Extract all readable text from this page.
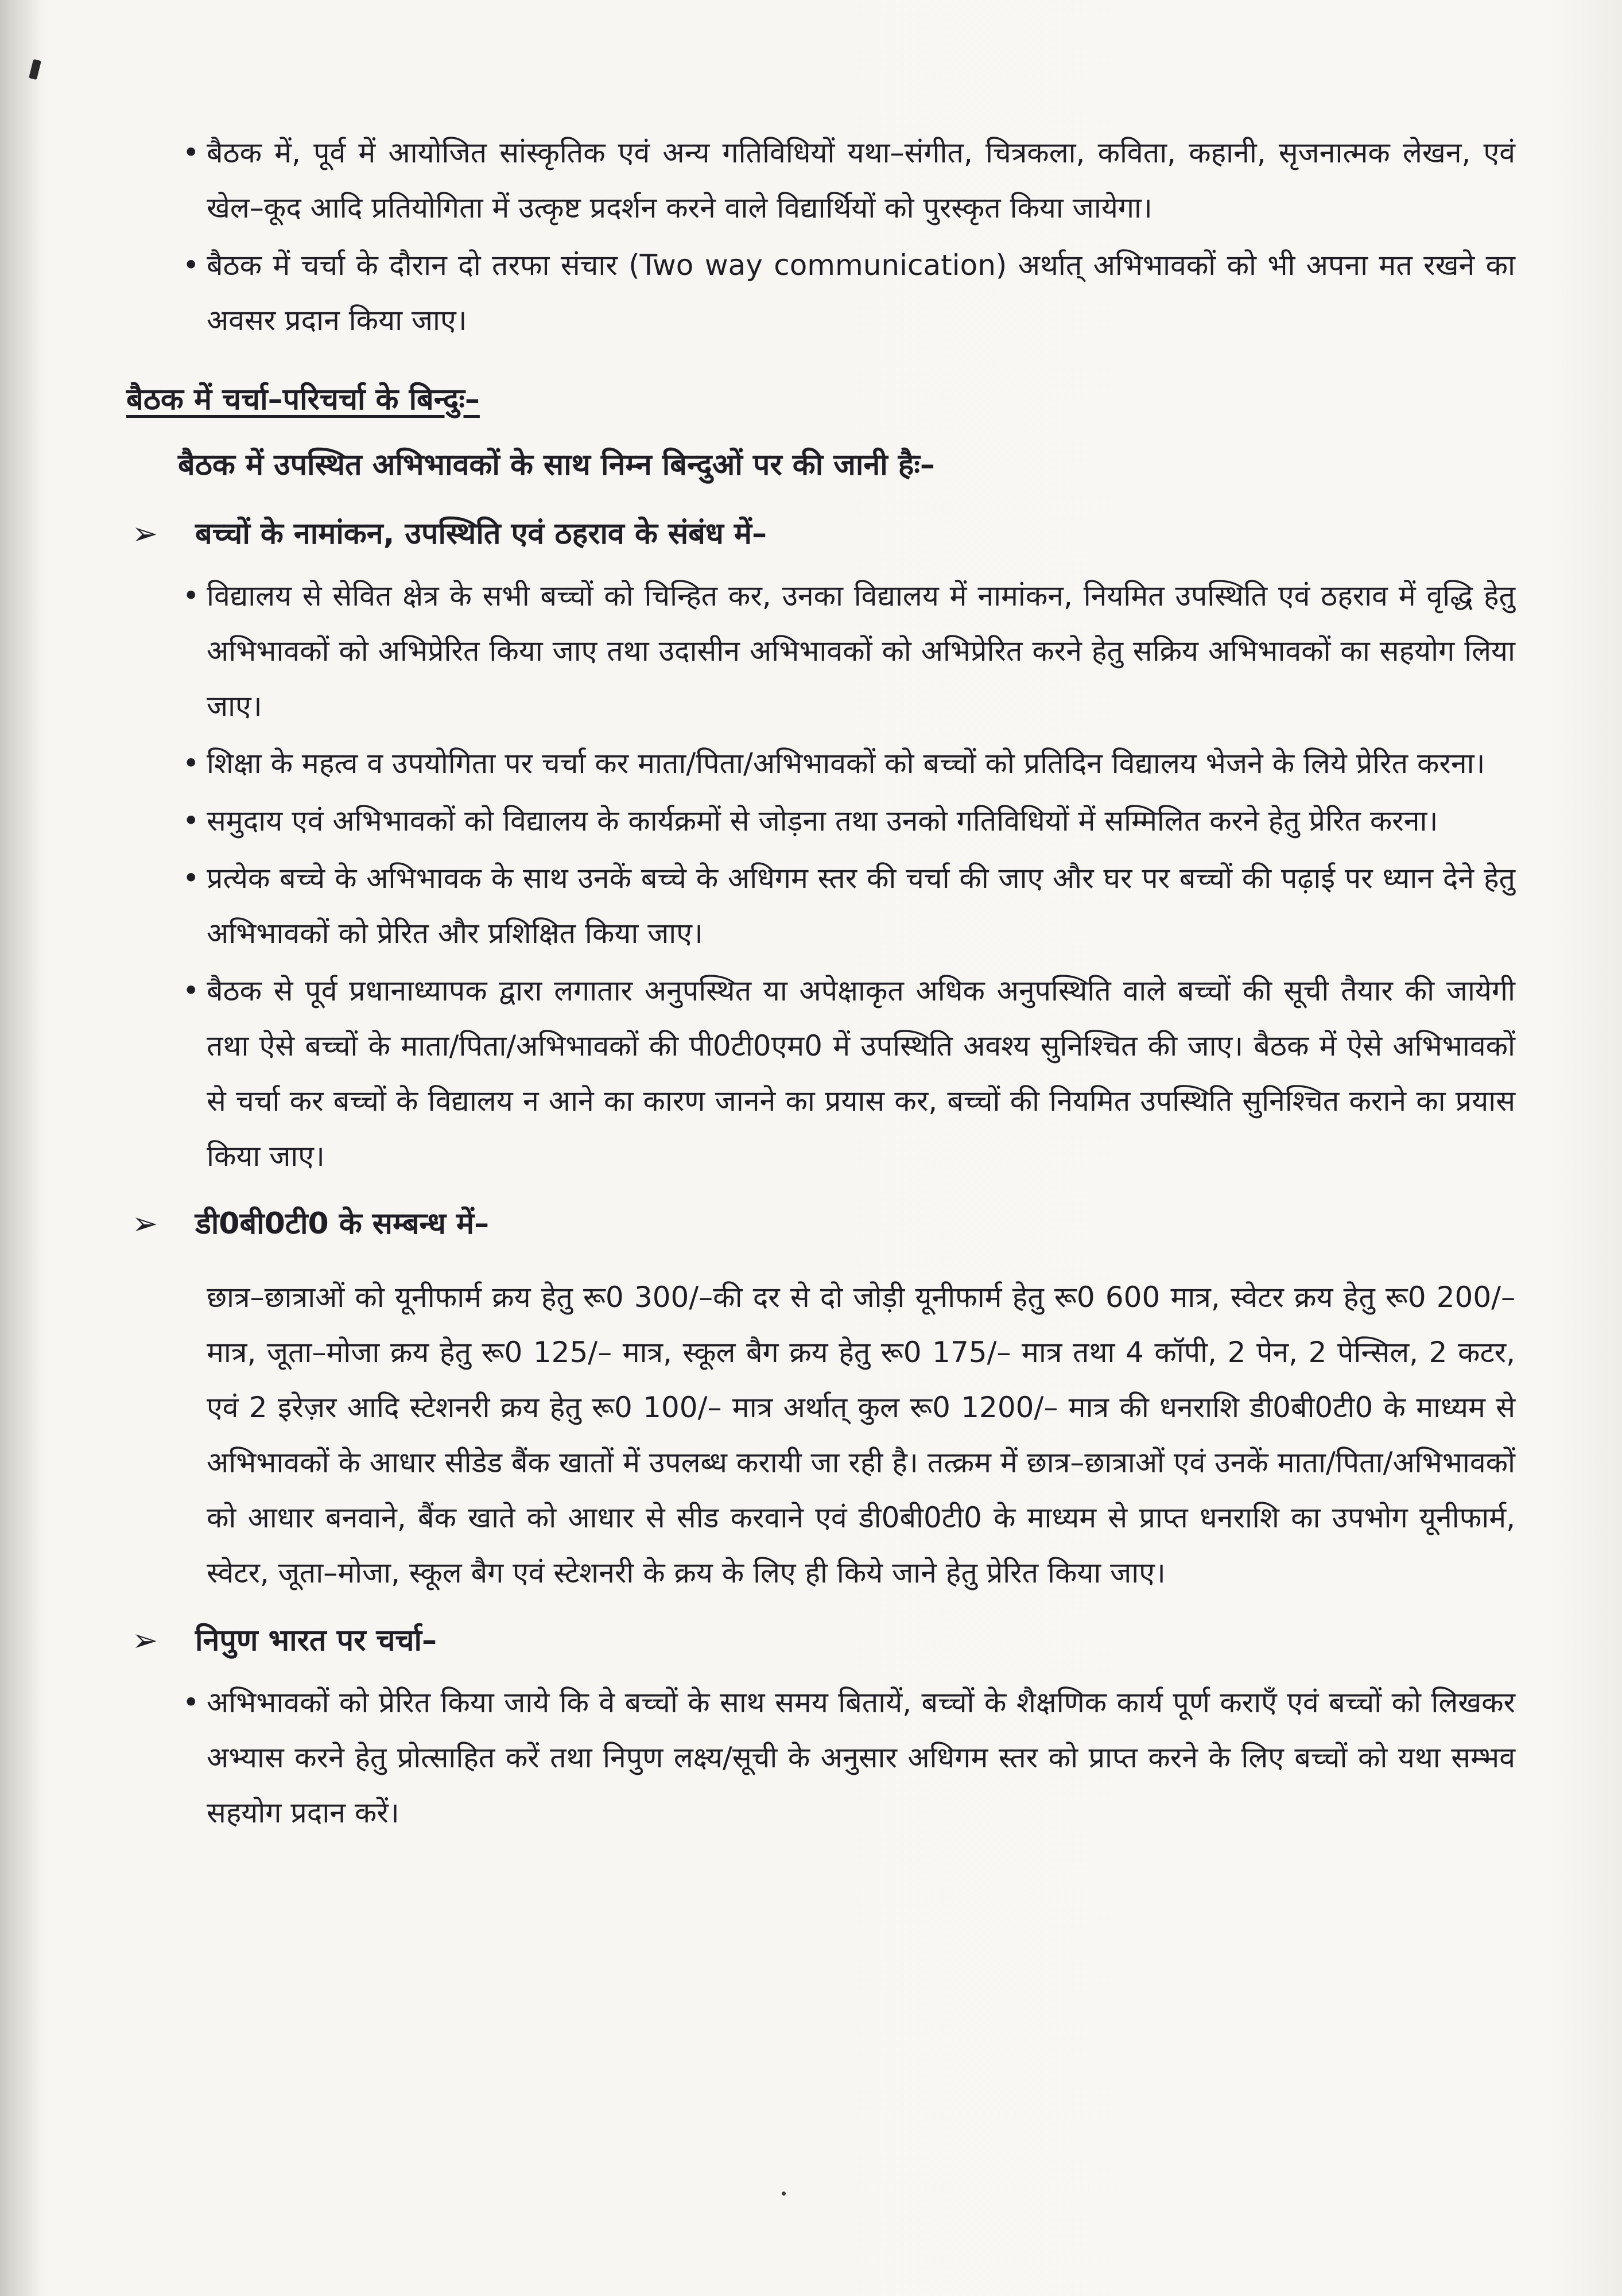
• बैठक में, पूर्व में आयोजित सांस्कृतिक एवं अन्य गतिविधियों यथा–संगीत, चित्रकला, कविता, कहानी, सृजनात्मक लेखन, एवं खेल–कूद आदि प्रतियोगिता में उत्कृष्ट प्रदर्शन करने वाले विद्यार्थियों को पुरस्कृत किया जायेगा।
• बैठक में चर्चा के दौरान दो तरफा संचार (Two way communication) अर्थात् अभिभावकों को भी अपना मत रखने का अवसर प्रदान किया जाए।
बैठक में चर्चा–परिचर्चा के बिन्दुः–
बैठक में उपस्थित अभिभावकों के साथ निम्न बिन्दुओं पर की जानी हैः–
➢ बच्चों के नामांकन, उपस्थिति एवं ठहराव के संबंध में–
• विद्यालय से सेवित क्षेत्र के सभी बच्चों को चिन्हित कर, उनका विद्यालय में नामांकन, नियमित उपस्थिति एवं ठहराव में वृद्धि हेतु अभिभावकों को अभिप्रेरित किया जाए तथा उदासीन अभिभावकों को अभिप्रेरित करने हेतु सक्रिय अभिभावकों का सहयोग लिया जाए।
• शिक्षा के महत्व व उपयोगिता पर चर्चा कर माता/पिता/अभिभावकों को बच्चों को प्रतिदिन विद्यालय भेजने के लिये प्रेरित करना।
• समुदाय एवं अभिभावकों को विद्यालय के कार्यक्रमों से जोड़ना तथा उनको गतिविधियों में सम्मिलित करने हेतु प्रेरित करना।
• प्रत्येक बच्चे के अभिभावक के साथ उनकें बच्चे के अधिगम स्तर की चर्चा की जाए और घर पर बच्चों की पढ़ाई पर ध्यान देने हेतु अभिभावकों को प्रेरित और प्रशिक्षित किया जाए।
• बैठक से पूर्व प्रधानाध्यापक द्वारा लगातार अनुपस्थित या अपेक्षाकृत अधिक अनुपस्थिति वाले बच्चों की सूची तैयार की जायेगी तथा ऐसे बच्चों के माता/पिता/अभिभावकों की पी0टी0एम0 में उपस्थिति अवश्य सुनिश्चित की जाए। बैठक में ऐसे अभिभावकों से चर्चा कर बच्चों के विद्यालय न आने का कारण जानने का प्रयास कर, बच्चों की नियमित उपस्थिति सुनिश्चित कराने का प्रयास किया जाए।
➢ डी0बी0टी0 के सम्बन्ध में–

छात्र–छात्राओं को यूनीफार्म क्रय हेतु रू0 300/–की दर से दो जोड़ी यूनीफार्म हेतु रू0 600 मात्र, स्वेटर क्रय हेतु रू0 200/–मात्र, जूता–मोजा क्रय हेतु रू0 125/– मात्र, स्कूल बैग क्रय हेतु रू0 175/– मात्र तथा 4 कॉपी, 2 पेन, 2 पेन्सिल, 2 कटर, एवं 2 इरेज़र आदि स्टेशनरी क्रय हेतु रू0 100/– मात्र अर्थात् कुल रू0 1200/– मात्र की धनराशि डी0बी0टी0 के माध्यम से अभिभावकों के आधार सीडेड बैंक खातों में उपलब्ध करायी जा रही है। तत्क्रम में छात्र–छात्राओं एवं उनकें माता/पिता/अभिभावकों को आधार बनवाने, बैंक खाते को आधार से सीड करवाने एवं डी0बी0टी0 के माध्यम से प्राप्त धनराशि का उपभोग यूनीफार्म, स्वेटर, जूता–मोजा, स्कूल बैग एवं स्टेशनरी के क्रय के लिए ही किये जाने हेतु प्रेरित किया जाए।

➢ निपुण भारत पर चर्चा–
• अभिभावकों को प्रेरित किया जाये कि वे बच्चों के साथ समय बितायें, बच्चों के शैक्षणिक कार्य पूर्ण कराएँ एवं बच्चों को लिखकर अभ्यास करने हेतु प्रोत्साहित करें तथा निपुण लक्ष्य/सूची के अनुसार अधिगम स्तर को प्राप्त करने के लिए बच्चों को यथा सम्भव सहयोग प्रदान करें।
